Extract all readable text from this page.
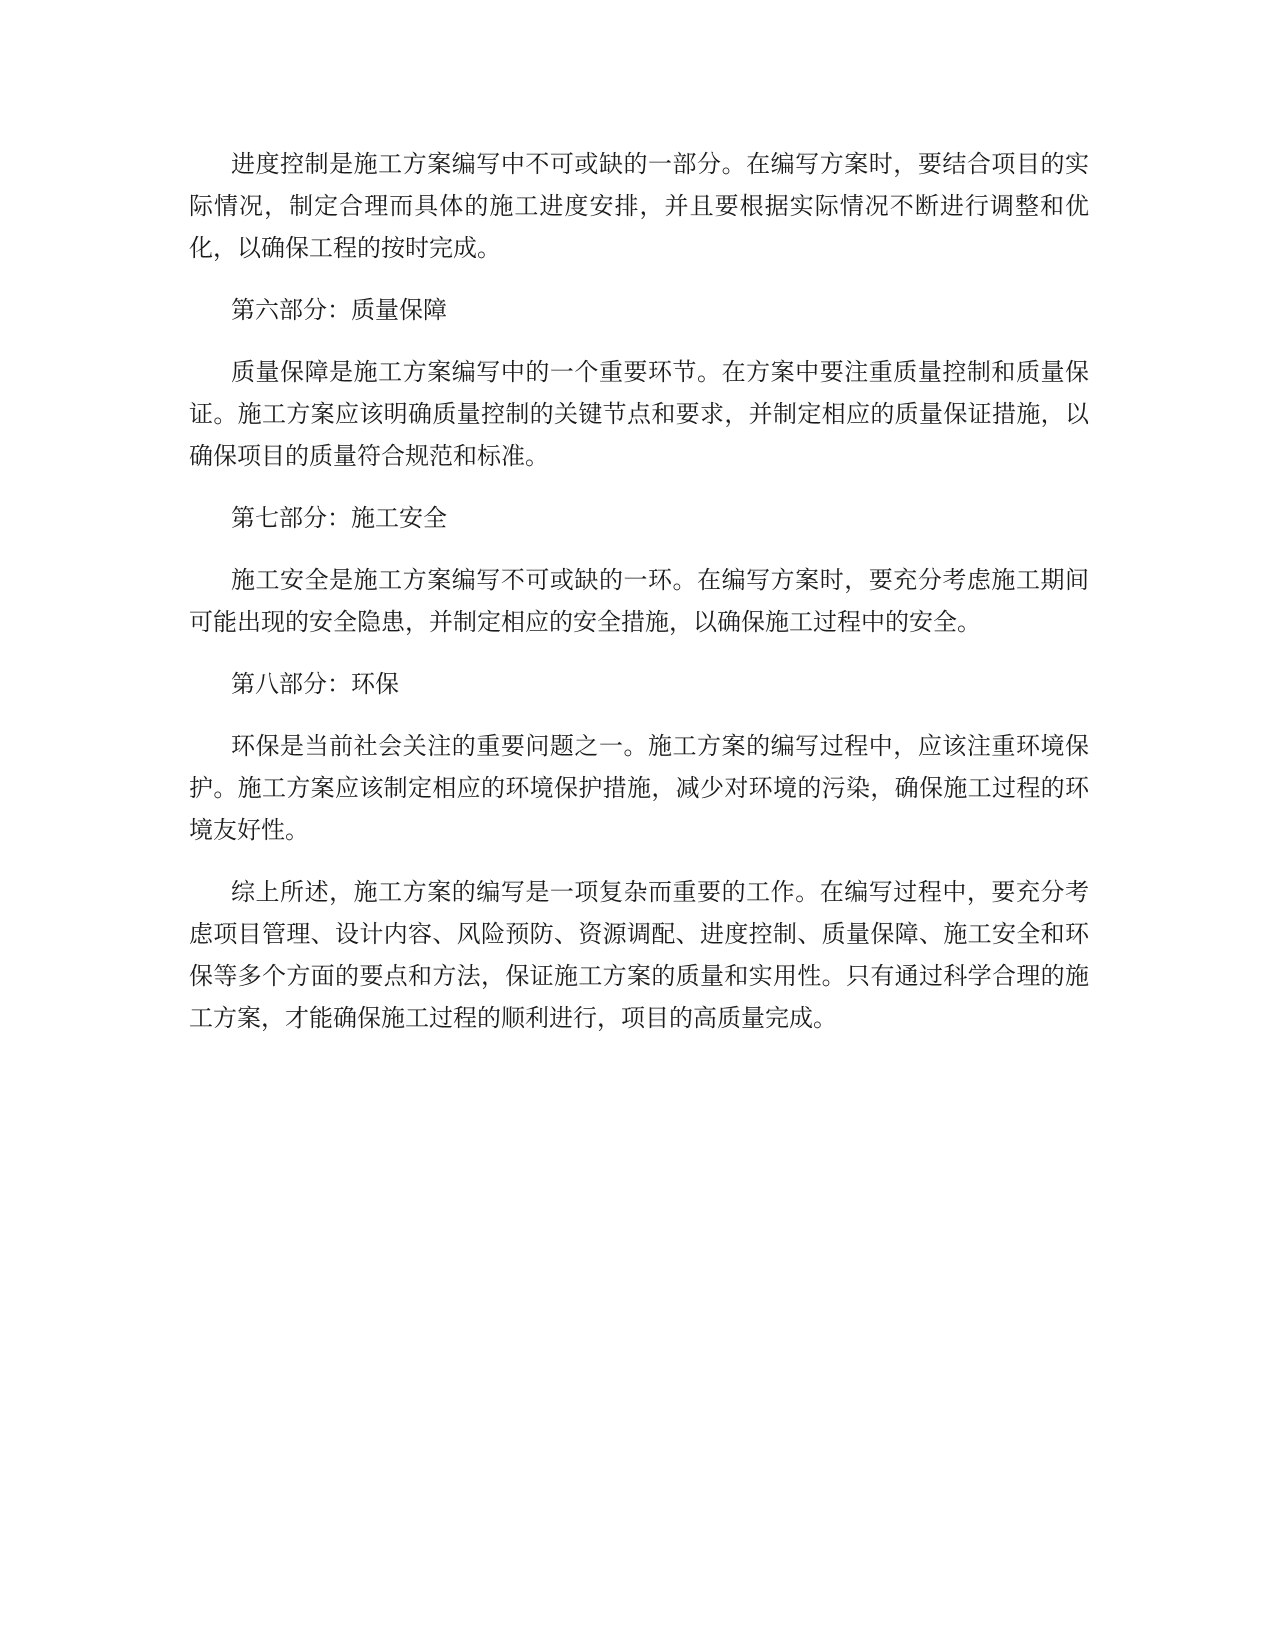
进度控制是施工方案编写中不可或缺的一部分。在编写方案时，要结合项目的实际情况，制定合理而具体的施工进度安排，并且要根据实际情况不断进行调整和优化，以确保工程的按时完成。

第六部分：质量保障

质量保障是施工方案编写中的一个重要环节。在方案中要注重质量控制和质量保证。施工方案应该明确质量控制的关键节点和要求，并制定相应的质量保证措施，以确保项目的质量符合规范和标准。

第七部分：施工安全

施工安全是施工方案编写不可或缺的一环。在编写方案时，要充分考虑施工期间可能出现的安全隐患，并制定相应的安全措施，以确保施工过程中的安全。

第八部分：环保

环保是当前社会关注的重要问题之一。施工方案的编写过程中，应该注重环境保护。施工方案应该制定相应的环境保护措施，减少对环境的污染，确保施工过程的环境友好性。

综上所述，施工方案的编写是一项复杂而重要的工作。在编写过程中，要充分考虑项目管理、设计内容、风险预防、资源调配、进度控制、质量保障、施工安全和环保等多个方面的要点和方法，保证施工方案的质量和实用性。只有通过科学合理的施工方案，才能确保施工过程的顺利进行，项目的高质量完成。
